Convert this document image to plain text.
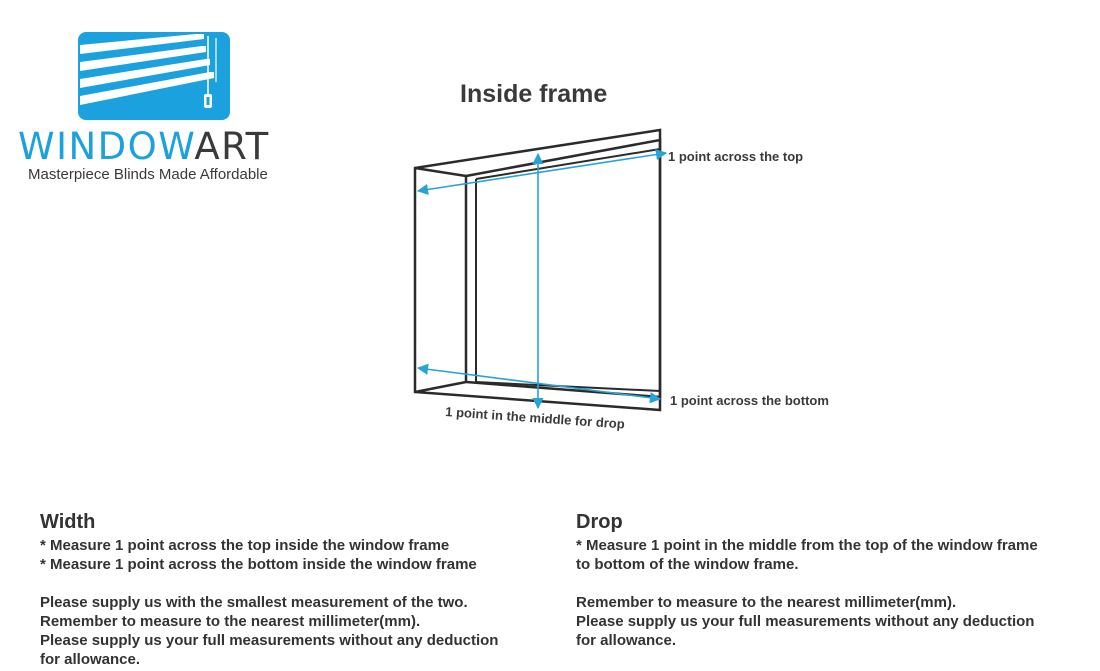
WINDOWART
Masterpiece Blinds Made Affordable
Inside frame
1 point across the top
1 point across the bottom
1 point in the middle for drop
Width

* Measure 1 point across the top inside the window frame

* Measure 1 point across the bottom inside the window frame

Please supply us with the smallest measurement of the two.

Remember to measure to the nearest millimeter(mm).

Please supply us your full measurements without any deduction

for allowance.

Drop

* Measure 1 point in the middle from the top of the window frame

to bottom of the window frame.

Remember to measure to the nearest millimeter(mm).

Please supply us your full measurements without any deduction

for allowance.
